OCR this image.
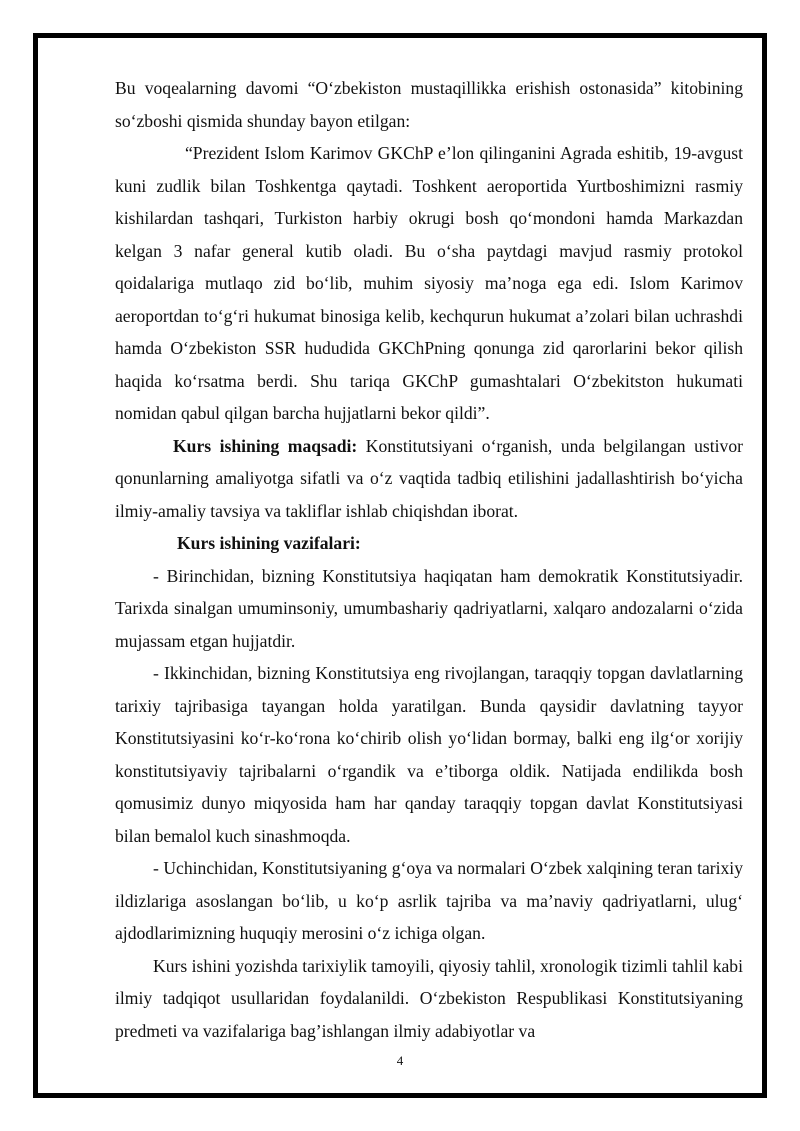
Bu voqealarning davomi “O‘zbekiston mustaqillikka erishish ostonasida” kitobining so‘zboshi qismida shunday bayon etilgan:

“Prezident Islom Karimov GKChP e’lon qilinganini Agrada eshitib, 19-avgust kuni zudlik bilan Toshkentga qaytadi. Toshkent aeroportida Yurtboshimizni rasmiy kishilardan tashqari, Turkiston harbiy okrugi bosh qo‘mondoni hamda Markazdan kelgan 3 nafar general kutib oladi. Bu o‘sha paytdagi mavjud rasmiy protokol qoidalariga mutlaqo zid bo‘lib, muhim siyosiy ma’noga ega edi. Islom Karimov aeroportdan to‘g‘ri hukumat binosiga kelib, kechqurun hukumat a’zolari bilan uchrashdi hamda O‘zbekiston SSR hududida GKChPning qonunga zid qarorlarini bekor qilish haqida ko‘rsatma berdi. Shu tariqa GKChP gumashtalari O‘zbekitston hukumati nomidan qabul qilgan barcha hujjatlarni bekor qildi”.

Kurs ishining maqsadi: Konstitutsiyani o‘rganish, unda belgilangan ustivor qonunlarning amaliyotga sifatli va o‘z vaqtida tadbiq etilishini jadallashtirish bo‘yicha ilmiy-amaliy tavsiya va takliflar ishlab chiqishdan iborat.

Kurs ishining vazifalari:

- Birinchidan, bizning Konstitutsiya haqiqatan ham demokratik Konstitutsiyadir. Tarixda sinalgan umuminsoniy, umumbashariy qadriyatlarni, xalqaro andozalarni o‘zida mujassam etgan hujjatdir.

- Ikkinchidan, bizning Konstitutsiya eng rivojlangan, taraqqiy topgan davlatlarning tarixiy tajribasiga tayangan holda yaratilgan. Bunda qaysidir davlatning tayyor Konstitutsiyasini ko‘r-ko‘rona ko‘chirib olish yo‘lidan bormay, balki eng ilg‘or xorijiy konstitutsiyaviy tajribalarni o‘rgandik va e’tiborga oldik. Natijada endilikda bosh qomusimiz dunyo miqyosida ham har qanday taraqqiy topgan davlat Konstitutsiyasi bilan bemalol kuch sinashmoqda.

- Uchinchidan, Konstitutsiyaning g‘oya va normalari O‘zbek xalqining teran tarixiy ildizlariga asoslangan bo‘lib, u ko‘p asrlik tajriba va ma’naviy qadriyatlarni, ulug‘ ajdodlarimizning huquqiy merosini o‘z ichiga olgan.

Kurs ishini yozishda tarixiylik tamoyili, qiyosiy tahlil, xronologik tizimli tahlil kabi ilmiy tadqiqot usullaridan foydalanildi. O‘zbekiston Respublikasi Konstitutsiyaning predmeti va vazifalariga bag’ishlangan ilmiy adabiyotlar va

4
